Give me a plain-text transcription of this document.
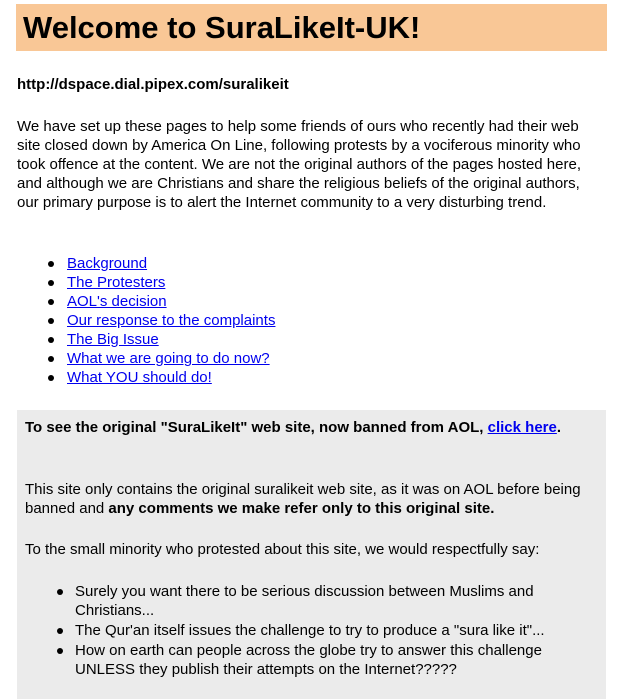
Welcome to SuraLikeIt-UK!
http://dspace.dial.pipex.com/suralikeit

We have set up these pages to help some friends of ours who recently had their web site closed down by America On Line, following protests by a vociferous minority who took offence at the content. We are not the original authors of the pages hosted here, and although we are Christians and share the religious beliefs of the original authors, our primary purpose is to alert the Internet community to a very disturbing trend.

Background
The Protesters
AOL's decision
Our response to the complaints
The Big Issue
What we are going to do now?
What YOU should do!

To see the original "SuraLikeIt" web site, now banned from AOL, click here.

This site only contains the original suralikeit web site, as it was on AOL before being banned and any comments we make refer only to this original site.

To the small minority who protested about this site, we would respectfully say:

Surely you want there to be serious discussion between Muslims and Christians...
The Qur'an itself issues the challenge to try to produce a "sura like it"...
How on earth can people across the globe try to answer this challenge UNLESS they publish their attempts on the Internet?????
